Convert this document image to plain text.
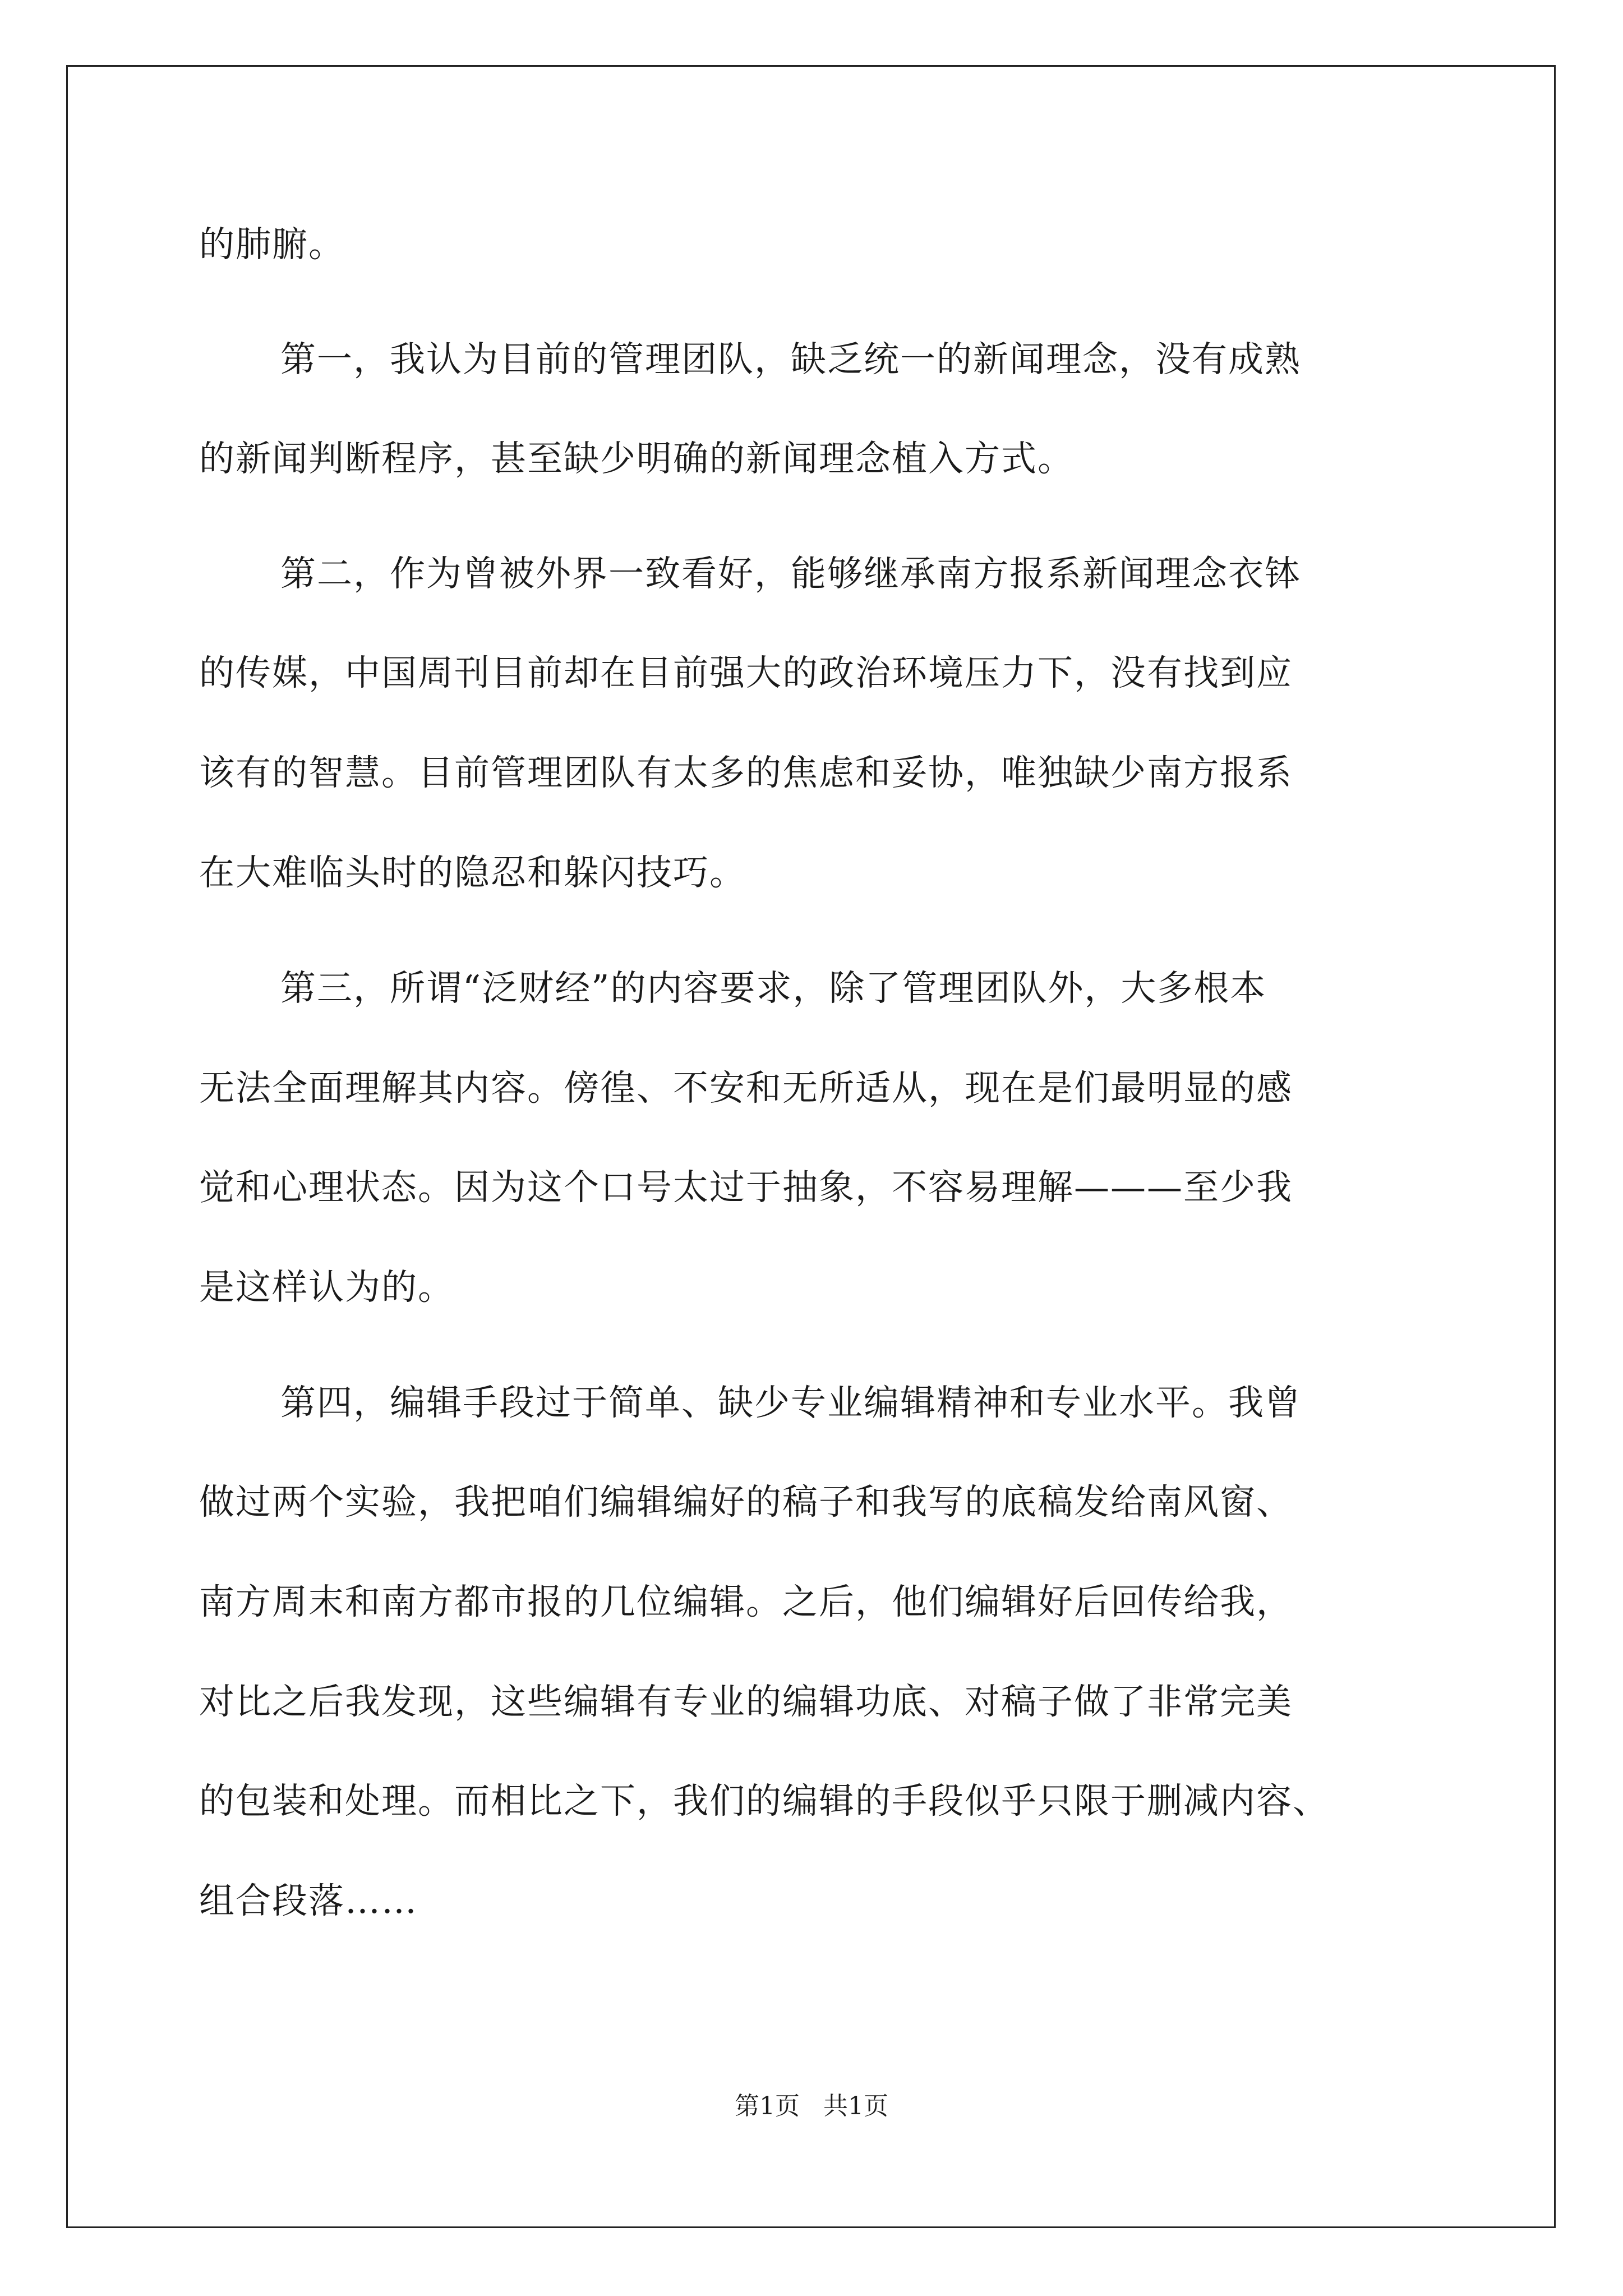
的肺腑。
第一，我认为目前的管理团队，缺乏统一的新闻理念，没有成熟
的新闻判断程序，甚至缺少明确的新闻理念植入方式。
第二，作为曾被外界一致看好，能够继承南方报系新闻理念衣钵
的传媒，中国周刊目前却在目前强大的政治环境压力下，没有找到应
该有的智慧。目前管理团队有太多的焦虑和妥协，唯独缺少南方报系
在大难临头时的隐忍和躲闪技巧。
第三，所谓“泛财经”的内容要求，除了管理团队外，大多根本
无法全面理解其内容。傍徨、不安和无所适从，现在是们最明显的感
觉和心理状态。因为这个口号太过于抽象，不容易理解———至少我
是这样认为的。
第四，编辑手段过于简单、缺少专业编辑精神和专业水平。我曾
做过两个实验，我把咱们编辑编好的稿子和我写的底稿发给南风窗、
南方周末和南方都市报的几位编辑。之后，他们编辑好后回传给我，
对比之后我发现，这些编辑有专业的编辑功底、对稿子做了非常完美
的包装和处理。而相比之下，我们的编辑的手段似乎只限于删减内容、
组合段落……
第1页 共1页
